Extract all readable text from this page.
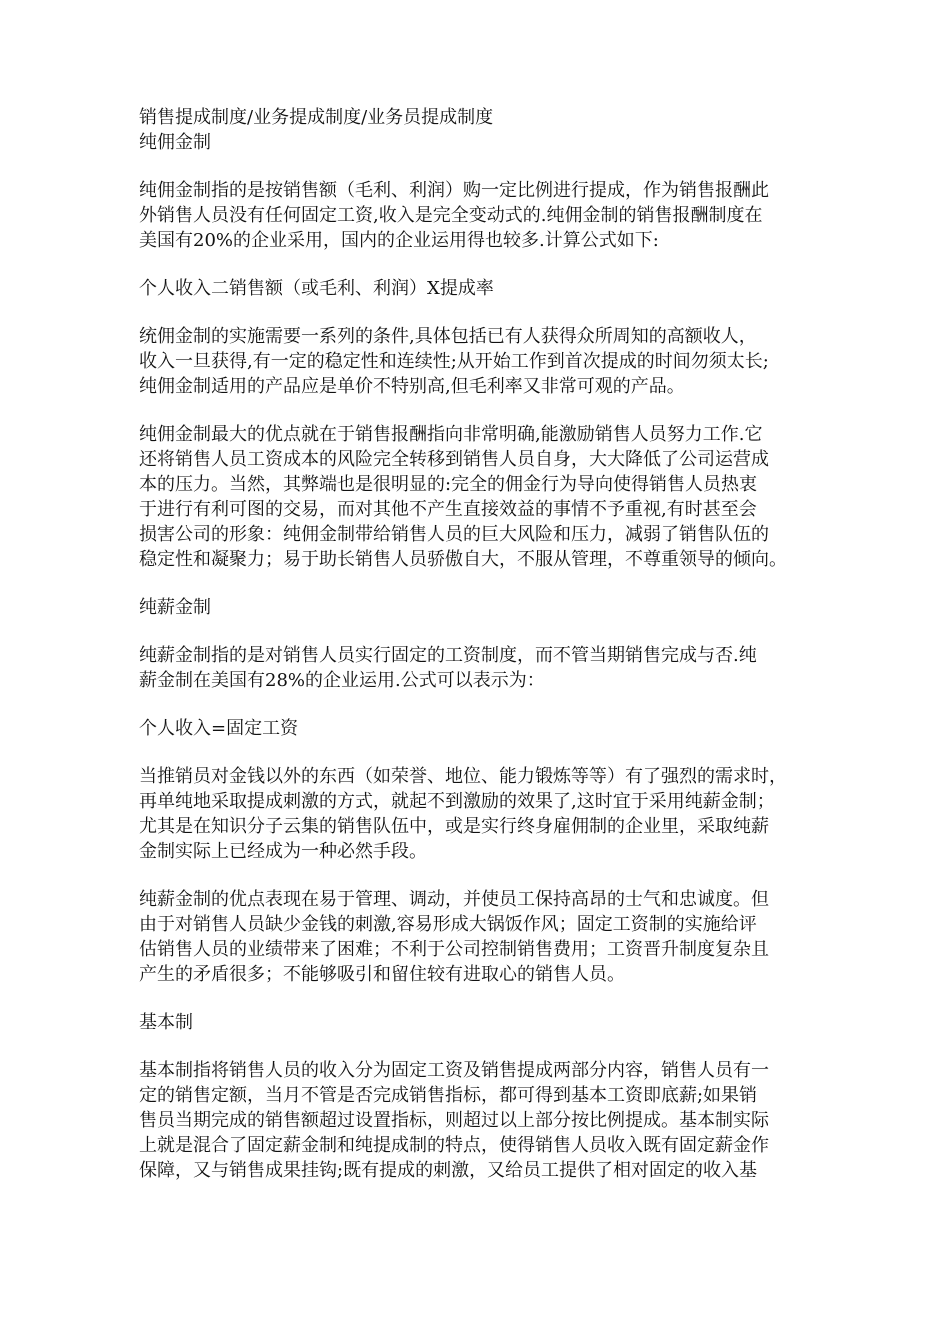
销售提成制度/业务提成制度/业务员提成制度
纯佣金制
纯佣金制指的是按销售额（毛利、利润）购一定比例进行提成，作为销售报酬此
外销售人员没有任何固定工资,收入是完全变动式的.纯佣金制的销售报酬制度在
美国有20%的企业采用，国内的企业运用得也较多.计算公式如下:
个人收入二销售额（或毛利、利润）X提成率
统佣金制的实施需要一系列的条件,具体包括已有人获得众所周知的高额收人，
收入一旦获得,有一定的稳定性和连续性;从开始工作到首次提成的时间勿须太长;
纯佣金制适用的产品应是单价不特别高,但毛利率又非常可观的产品。
纯佣金制最大的优点就在于销售报酬指向非常明确,能激励销售人员努力工作.它
还将销售人员工资成本的风险完全转移到销售人员自身，大大降低了公司运营成
本的压力。当然，其弊端也是很明显的:完全的佣金行为导向使得销售人员热衷
于进行有利可图的交易，而对其他不产生直接效益的事情不予重视,有时甚至会
损害公司的形象：纯佣金制带给销售人员的巨大风险和压力，减弱了销售队伍的
稳定性和凝聚力；易于助长销售人员骄傲自大，不服从管理，不尊重领导的倾向。
纯薪金制
纯薪金制指的是对销售人员实行固定的工资制度，而不管当期销售完成与否.纯
薪金制在美国有28%的企业运用.公式可以表示为：
个人收入=固定工资
当推销员对金钱以外的东西（如荣誉、地位、能力锻炼等等）有了强烈的需求时，
再单纯地采取提成刺激的方式，就起不到激励的效果了,这时宜于采用纯薪金制；
尤其是在知识分子云集的销售队伍中，或是实行终身雇佣制的企业里，采取纯薪
金制实际上已经成为一种必然手段。
纯薪金制的优点表现在易于管理、调动，并使员工保持高昂的士气和忠诚度。但
由于对销售人员缺少金钱的刺激,容易形成大锅饭作风；固定工资制的实施给评
估销售人员的业绩带来了困难；不利于公司控制销售费用；工资晋升制度复杂且
产生的矛盾很多；不能够吸引和留住较有进取心的销售人员。
基本制
基本制指将销售人员的收入分为固定工资及销售提成两部分内容，销售人员有一
定的销售定额，当月不管是否完成销售指标，都可得到基本工资即底薪;如果销
售员当期完成的销售额超过设置指标，则超过以上部分按比例提成。基本制实际
上就是混合了固定薪金制和纯提成制的特点，使得销售人员收入既有固定薪金作
保障，又与销售成果挂钩;既有提成的刺激，又给员工提供了相对固定的收入基
